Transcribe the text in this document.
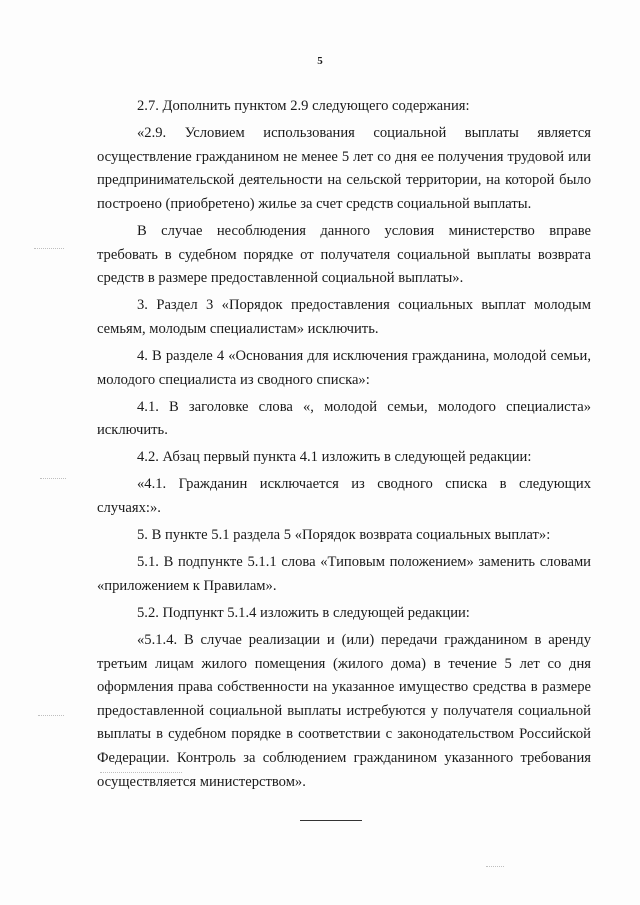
5

2.7. Дополнить пунктом 2.9 следующего содержания:

«2.9. Условием использования социальной выплаты является осуществление гражданином не менее 5 лет со дня ее получения трудовой или предпринимательской деятельности на сельской территории, на которой было построено (приобретено) жилье за счет средств социальной выплаты.

В случае несоблюдения данного условия министерство вправе требовать в судебном порядке от получателя социальной выплаты возврата средств в размере предоставленной социальной выплаты».

3. Раздел 3 «Порядок предоставления социальных выплат молодым семьям, молодым специалистам» исключить.

4. В разделе 4 «Основания для исключения гражданина, молодой семьи, молодого специалиста из сводного списка»:

4.1. В заголовке слова «, молодой семьи, молодого специалиста» исключить.

4.2. Абзац первый пункта 4.1 изложить в следующей редакции:

«4.1. Гражданин исключается из сводного списка в следующих случаях:».

5. В пункте 5.1 раздела 5 «Порядок возврата социальных выплат»:

5.1. В подпункте 5.1.1 слова «Типовым положением» заменить словами «приложением к Правилам».

5.2. Подпункт 5.1.4 изложить в следующей редакции:

«5.1.4. В случае реализации и (или) передачи гражданином в аренду третьим лицам жилого помещения (жилого дома) в течение 5 лет со дня оформления права собственности на указанное имущество средства в размере предоставленной социальной выплаты истребуются у получателя социальной выплаты в судебном порядке в соответствии с законодательством Российской Федерации. Контроль за соблюдением гражданином указанного требования осуществляется министерством».
